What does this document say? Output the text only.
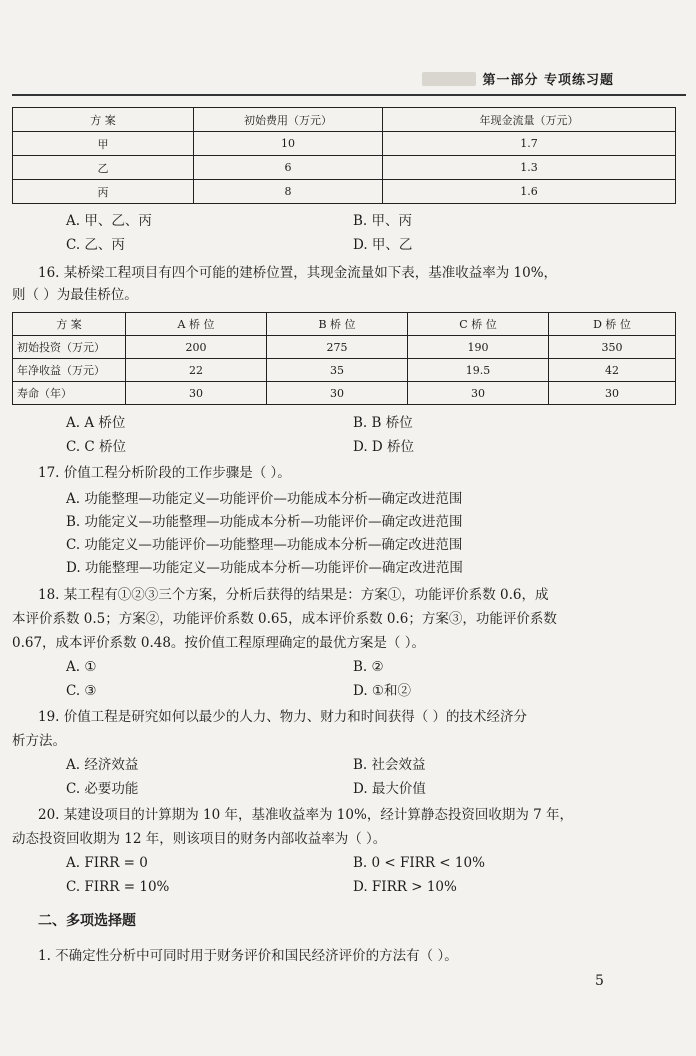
第一部分 专项练习题
方 案	初始费用（万元）	年现金流量（万元）
甲	10	1.7
乙	6	1.3
丙	8	1.6
A. 甲、乙、丙	B. 甲、丙
C. 乙、丙	D. 甲、乙
16. 某桥梁工程项目有四个可能的建桥位置，其现金流量如下表，基准收益率为 10%，
则（ ）为最佳桥位。
方 案	A 桥 位	B 桥 位	C 桥 位	D 桥 位
初始投资（万元）	200	275	190	350
年净收益（万元）	22	35	19.5	42
寿命（年）	30	30	30	30
A. A 桥位	B. B 桥位
C. C 桥位	D. D 桥位
17. 价值工程分析阶段的工作步骤是（ ）。
A. 功能整理—功能定义—功能评价—功能成本分析—确定改进范围
B. 功能定义—功能整理—功能成本分析—功能评价—确定改进范围
C. 功能定义—功能评价—功能整理—功能成本分析—确定改进范围
D. 功能整理—功能定义—功能成本分析—功能评价—确定改进范围
18. 某工程有①②③三个方案，分析后获得的结果是：方案①，功能评价系数 0.6，成
本评价系数 0.5；方案②，功能评价系数 0.65，成本评价系数 0.6；方案③，功能评价系数
0.67，成本评价系数 0.48。按价值工程原理确定的最优方案是（ ）。
A. ①	B. ②
C. ③	D. ①和②
19. 价值工程是研究如何以最少的人力、物力、财力和时间获得（ ）的技术经济分
析方法。
A. 经济效益	B. 社会效益
C. 必要功能	D. 最大价值
20. 某建设项目的计算期为 10 年，基准收益率为 10%，经计算静态投资回收期为 7 年，
动态投资回收期为 12 年，则该项目的财务内部收益率为（ ）。
A. FIRR = 0	B. 0 < FIRR < 10%
C. FIRR = 10%	D. FIRR > 10%
二、多项选择题
1. 不确定性分析中可同时用于财务评价和国民经济评价的方法有（ ）。
5
